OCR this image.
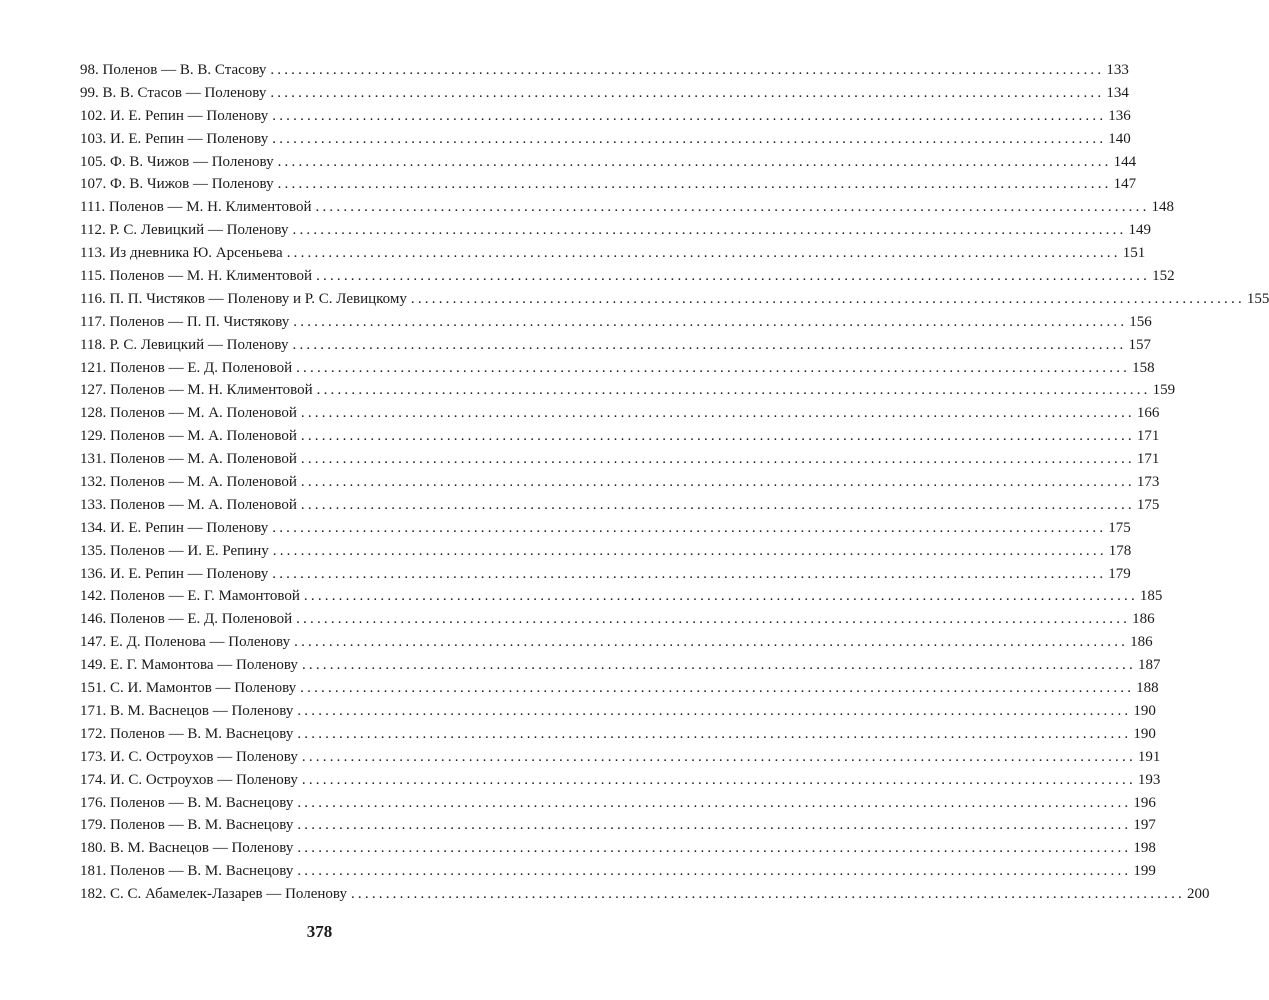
98. Поленов — В. В. Стасову ........................................................................................................................ 133
99. В. В. Стасов — Поленову ........................................................................................................................ 134
102. И. Е. Репин — Поленову ........................................................................................................................ 136
103. И. Е. Репин — Поленову ........................................................................................................................ 140
105. Ф. В. Чижов — Поленову ........................................................................................................................ 144
107. Ф. В. Чижов — Поленову ........................................................................................................................ 147
111. Поленов — М. Н. Климентовой ........................................................................................................................ 148
112. Р. С. Левицкий — Поленову ........................................................................................................................ 149
113. Из дневника Ю. Арсеньева ........................................................................................................................ 151
115. Поленов — М. Н. Климентовой ........................................................................................................................ 152
116. П. П. Чистяков — Поленову и Р. С. Левицкому ........................................................................................................................ 155
117. Поленов — П. П. Чистякову ........................................................................................................................ 156
118. Р. С. Левицкий — Поленову ........................................................................................................................ 157
121. Поленов — Е. Д. Поленовой ........................................................................................................................ 158
127. Поленов — М. Н. Климентовой ........................................................................................................................ 159
128. Поленов — М. А. Поленовой ........................................................................................................................ 166
129. Поленов — М. А. Поленовой ........................................................................................................................ 171
131. Поленов — М. А. Поленовой ........................................................................................................................ 171
132. Поленов — М. А. Поленовой ........................................................................................................................ 173
133. Поленов — М. А. Поленовой ........................................................................................................................ 175
134. И. Е. Репин — Поленову ........................................................................................................................ 175
135. Поленов — И. Е. Репину ........................................................................................................................ 178
136. И. Е. Репин — Поленову ........................................................................................................................ 179
142. Поленов — Е. Г. Мамонтовой ........................................................................................................................ 185
146. Поленов — Е. Д. Поленовой ........................................................................................................................ 186
147. Е. Д. Поленова — Поленову ........................................................................................................................ 186
149. Е. Г. Мамонтова — Поленову ........................................................................................................................ 187
151. С. И. Мамонтов — Поленову ........................................................................................................................ 188
171. В. М. Васнецов — Поленову ........................................................................................................................ 190
172. Поленов — В. М. Васнецову ........................................................................................................................ 190
173. И. С. Остроухов — Поленову ........................................................................................................................ 191
174. И. С. Остроухов — Поленову ........................................................................................................................ 193
176. Поленов — В. М. Васнецову ........................................................................................................................ 196
179. Поленов — В. М. Васнецову ........................................................................................................................ 197
180. В. М. Васнецов — Поленову ........................................................................................................................ 198
181. Поленов — В. М. Васнецову ........................................................................................................................ 199
182. С. С. Абамелек-Лазарев — Поленову ........................................................................................................................ 200
378
